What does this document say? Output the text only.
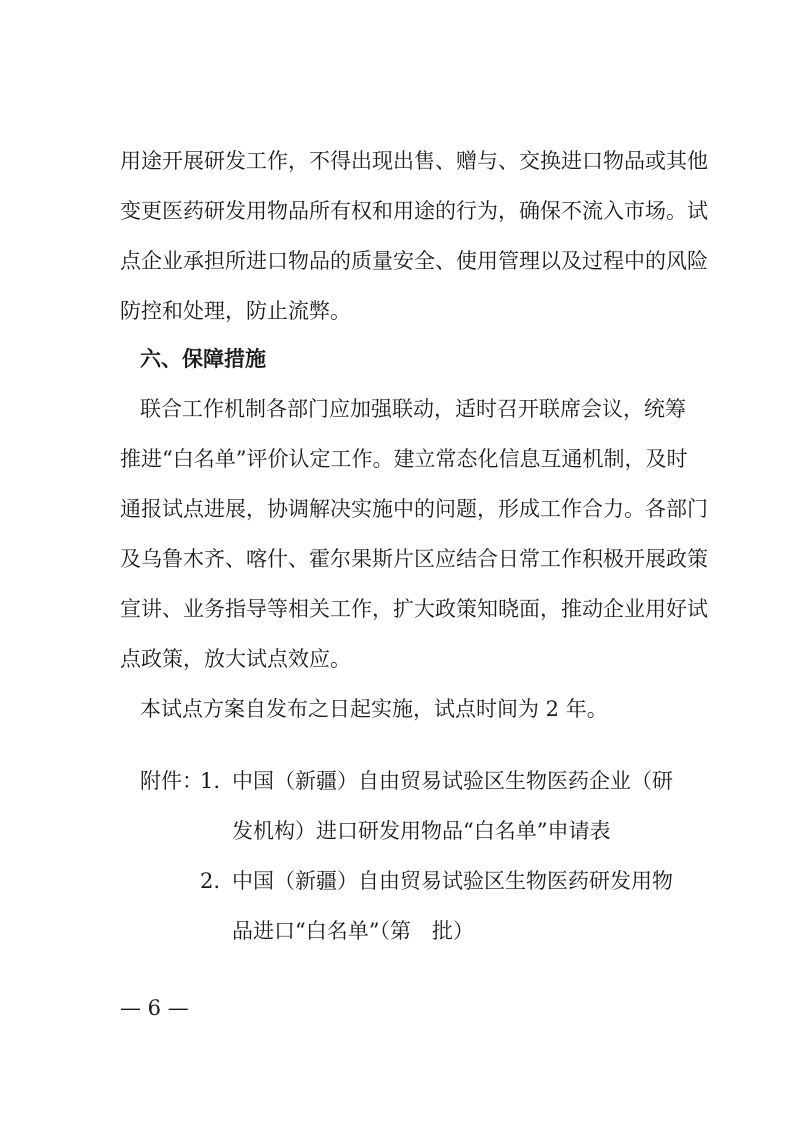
用 途 开 展 研 发 工 作 ， 不 得 出 现 出 售 、 赠 与 、 交 换 进 口 物 品 或 其 他
变 更 医 药 研 发 用 物 品 所 有 权 和 用 途 的 行 为 ， 确 保 不 流 入 市 场 。 试
点 企 业 承 担 所 进 口 物 品 的 质 量 安 全 、 使 用 管 理 以 及 过 程 中 的 风 险
防控和处理，防止流弊。
六、保障措施
联 合 工 作 机 制 各 部 门 应 加 强 联 动 ， 适 时 召 开 联 席 会 议 ， 统 筹
推 进 “ 白 名 单 ” 评 价 认 定 工 作 。 建 立 常 态 化 信 息 互 通 机 制 ， 及 时
通 报 试 点 进 展 ， 协 调 解 决 实 施 中 的 问 题 ， 形 成 工 作 合 力 。 各 部 门
及 乌 鲁 木 齐 、 喀 什 、 霍 尔 果 斯 片 区 应 结 合 日 常 工 作 积 极 开 展 政 策
宣 讲 、 业 务 指 导 等 相 关 工 作 ， 扩 大 政 策 知 晓 面 ， 推 动 企 业 用 好 试
点政策，放大试点效应。
本试点方案自发布之日起实施，试点时间为 2 年。
附件：
1. 中国（新疆）自由贸易试验区生物医药企业（研
发机构）进口研发用物品“白名单”申请表
2. 中国（新疆）自由贸易试验区生物医药研发用物
品进口“白名单”（第　批）
— 6 —
